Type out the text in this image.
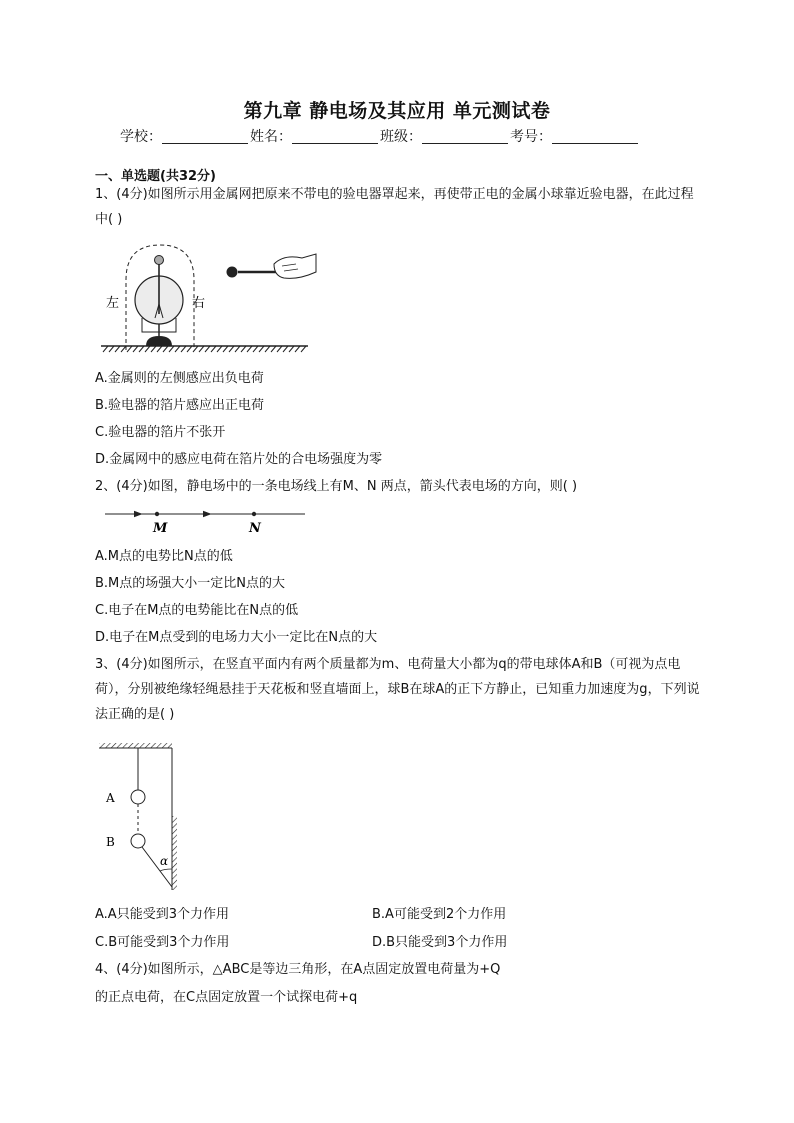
第九章 静电场及其应用 单元测试卷
学校：	姓名：	班级：	考号：
一、单选题(共32分)
1、(4分)如图所示用金属网把原来不带电的验电器罩起来，再使带正电的金属小球靠近验电器，在此过程中( )
左	右
A.金属则的左侧感应出负电荷
B.验电器的箔片感应出正电荷
C.验电器的箔片不张开
D.金属网中的感应电荷在箔片处的合电场强度为零
2、(4分)如图，静电场中的一条电场线上有M、N 两点，箭头代表电场的方向，则( )
M	N
A.M点的电势比N点的低
B.M点的场强大小一定比N点的大
C.电子在M点的电势能比在N点的低
D.电子在M点受到的电场力大小一定比在N点的大
3、(4分)如图所示，在竖直平面内有两个质量都为m、电荷量大小都为q的带电球体A和B（可视为点电荷），分别被绝缘轻绳悬挂于天花板和竖直墙面上，球B在球A的正下方静止，已知重力加速度为g，下列说法正确的是( )
A
B
α
A.A只能受到3个力作用	B.A可能受到2个力作用
C.B可能受到3个力作用	D.B只能受到3个力作用
4、(4分)如图所示，△ABC是等边三角形，在A点固定放置电荷量为+Q
的正点电荷，在C点固定放置一个试探电荷+q
